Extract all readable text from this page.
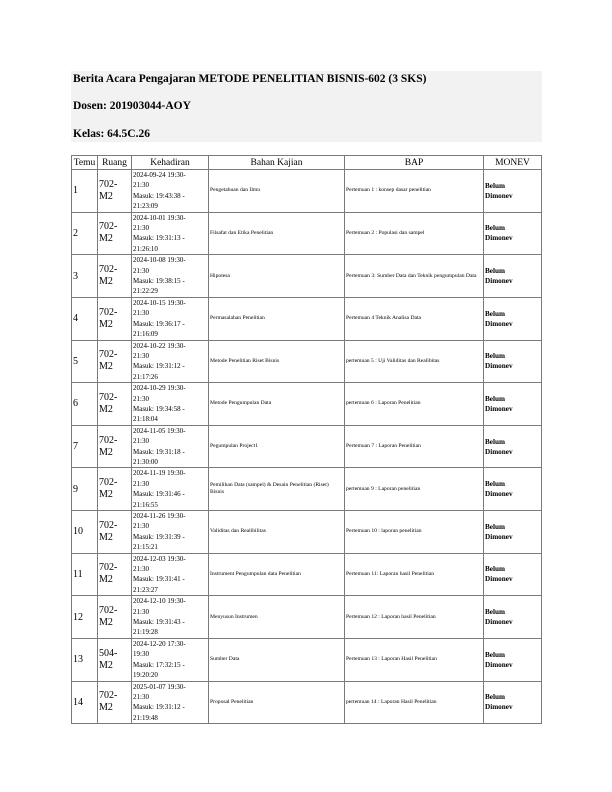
Berita Acara Pengajaran METODE PENELITIAN BISNIS-602 (3 SKS)
Dosen: 201903044-AOY
Kelas: 64.5C.26
Temu	Ruang	Kehadiran	Bahan Kajian	BAP	MONEV
1	702-
M2	2024-09-24 19:30-
21:30
Masuk: 19:43:38 -
21:23:09	Pengetahuan dan Ilmu	Pertemuan 1 : konsep dasar penelitian	Belum
Dimonev

2	702-
M2	2024-10-01 19:30-
21:30
Masuk: 19:31:13 -
21:26:10	Filsafat dan Etika Penelitian	Pertemuan 2 : Populasi dan sampel	Belum
Dimonev

3	702-
M2	2024-10-08 19:30-
21:30
Masuk: 19:38:15 -
21:22:29	Hipotesa	Pertemuan 3: Sumber Data dan Teknik pengumpulan Data	Belum
Dimonev

4	702-
M2	2024-10-15 19:30-
21:30
Masuk: 19:36:17 -
21:16:09	Permasalahan Penelitian	Pertemuan 4 Teknik Analisa Data	Belum
Dimonev

5	702-
M2	2024-10-22 19:30-
21:30
Masuk: 19:31:12 -
21:17:26	Metode Penelitian Riset Bisnis	pertemuan 5 : Uji Validitas dan Realibitas	Belum
Dimonev

6	702-
M2	2024-10-29 19:30-
21:30
Masuk: 19:34:58 -
21:18:04	Metode Pengumpulan Data	pertemuan 6 : Laporan Penelitian	Belum
Dimonev

7	702-
M2	2024-11-05 19:30-
21:30
Masuk: 19:31:18 -
21:30:00	Pegumpulan Project1	Pertemuan 7 : Laporan Penelitian	Belum
Dimonev

9	702-
M2	2024-11-19 19:30-
21:30
Masuk: 19:31:46 -
21:16:55	Pemilihan Data (sampel) & Desain Penelitian (Riset) Bisnis	pertemuan 9 : Laporan penelitian	Belum
Dimonev

10	702-
M2	2024-11-26 19:30-
21:30
Masuk: 19:31:39 -
21:15:21	Validitas dan Realibilitas	Pertemuan 10 : laporan penelitian	Belum
Dimonev

11	702-
M2	2024-12-03 19:30-
21:30
Masuk: 19:31:41 -
21:23:27	Instrument Pengumpulan data Penelitian	Pertemuan 11: Laporan hasil Penelitian	Belum
Dimonev

12	702-
M2	2024-12-10 19:30-
21:30
Masuk: 19:31:43 -
21:19:28	Menyusun Instrumen	Pertemuan 12 : Laporan hasil Penelitian	Belum
Dimonev

13	504-
M2	2024-12-20 17:30-
19:30
Masuk: 17:32:15 -
19:20:20	Sumber Data	Pertemuan 13 : Laporan Hasil Penelitian	Belum
Dimonev

14	702-
M2	2025-01-07 19:30-
21:30
Masuk: 19:31:12 -
21:19:48	Proposal Penelitian	pertemuan 14 : Laporan Hasil Penelitian	Belum
Dimonev
